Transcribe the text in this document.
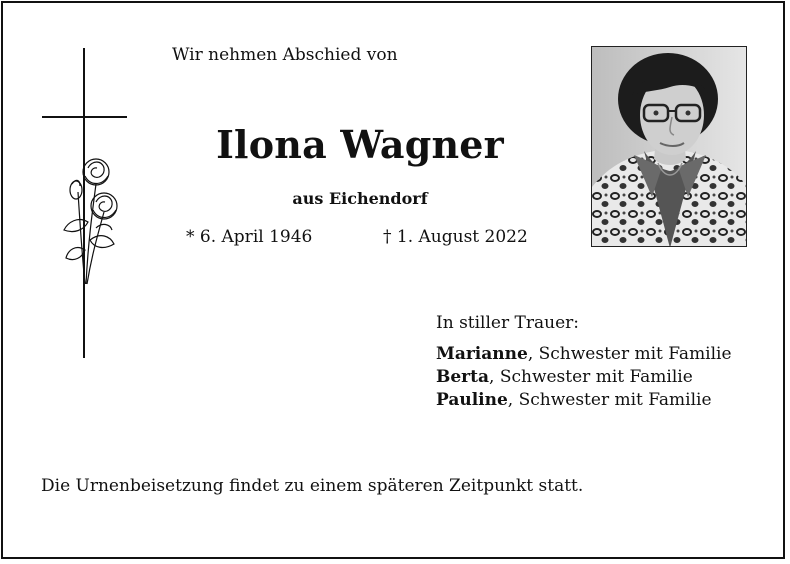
Wir nehmen Abschied von
Ilona Wagner
aus Eichendorf
* 6. April 1946	† 1. August 2022
In stiller Trauer:
Marianne, Schwester mit Familie
Berta, Schwester mit Familie
Pauline, Schwester mit Familie
Die Urnenbeisetzung findet zu einem späteren Zeitpunkt statt.
